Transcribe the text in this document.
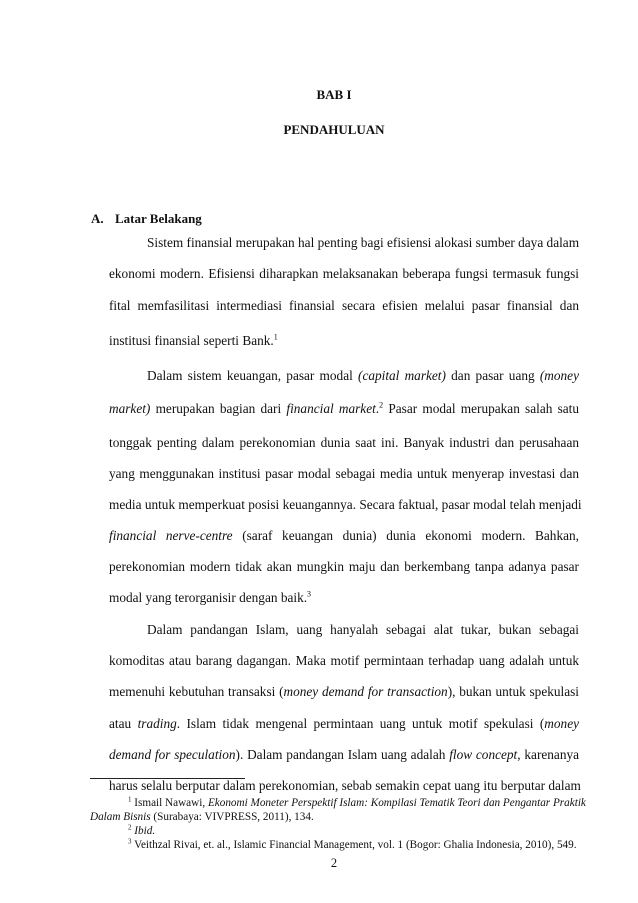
BAB I
PENDAHULUAN
A. Latar Belakang
Sistem finansial merupakan hal penting bagi efisiensi alokasi sumber daya dalam
ekonomi modern. Efisiensi diharapkan melaksanakan beberapa fungsi termasuk fungsi
fital memfasilitasi intermediasi finansial secara efisien melalui pasar finansial dan
institusi finansial seperti Bank.$^1$
Dalam sistem keuangan, pasar modal (capital market) dan pasar uang (money
market) merupakan bagian dari financial market.$^2$ Pasar modal merupakan salah satu
tonggak penting dalam perekonomian dunia saat ini. Banyak industri dan perusahaan
yang menggunakan institusi pasar modal sebagai media untuk menyerap investasi dan
media untuk memperkuat posisi keuangannya. Secara faktual, pasar modal telah menjadi
financial nerve-centre (saraf keuangan dunia) dunia ekonomi modern. Bahkan,
perekonomian modern tidak akan mungkin maju dan berkembang tanpa adanya pasar
modal yang terorganisir dengan baik.$^3$
Dalam pandangan Islam, uang hanyalah sebagai alat tukar, bukan sebagai
komoditas atau barang dagangan. Maka motif permintaan terhadap uang adalah untuk
memenuhi kebutuhan transaksi (money demand for transaction), bukan untuk spekulasi
atau trading. Islam tidak mengenal permintaan uang untuk motif spekulasi (money
demand for speculation). Dalam pandangan Islam uang adalah flow concept, karenanya
harus selalu berputar dalam perekonomian, sebab semakin cepat uang itu berputar dalam
$^1$ Ismail Nawawi, Ekonomi Moneter Perspektif Islam: Kompilasi Tematik Teori dan Pengantar Praktik
Dalam Bisnis (Surabaya: VIVPRESS, 2011), 134.
$^2$ Ibid.
$^3$ Veithzal Rivai, et. al., Islamic Financial Management, vol. 1 (Bogor: Ghalia Indonesia, 2010), 549.
2
